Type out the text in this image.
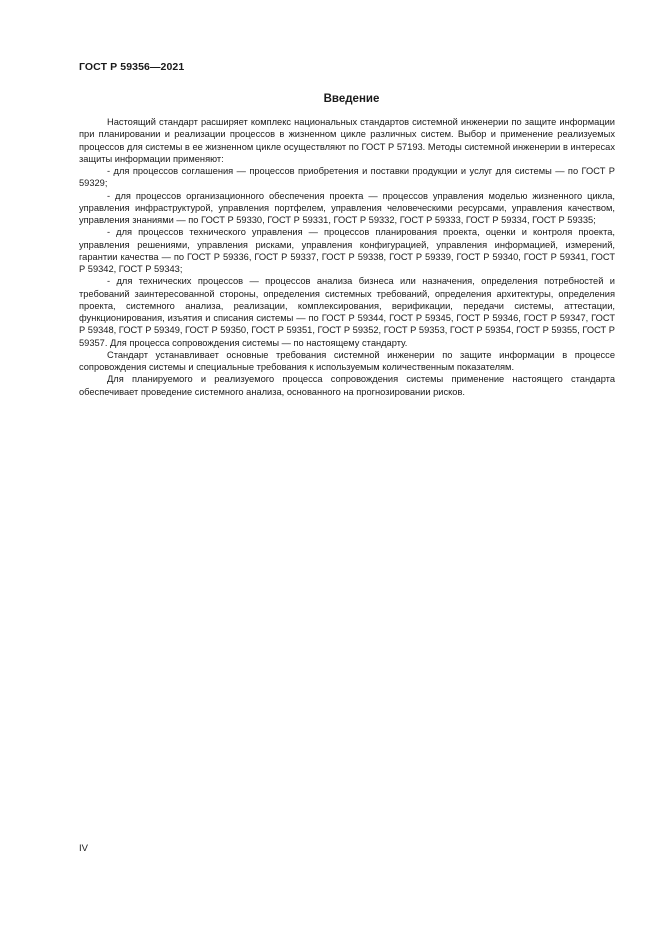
ГОСТ Р 59356—2021
Введение

Настоящий стандарт расширяет комплекс национальных стандартов системной инженерии по защите информации при планировании и реализации процессов в жизненном цикле различных систем. Выбор и применение реализуемых процессов для системы в ее жизненном цикле осуществляют по ГОСТ Р 57193. Методы системной инженерии в интересах защиты информации применяют:

- для процессов соглашения — процессов приобретения и поставки продукции и услуг для системы — по ГОСТ Р 59329;

- для процессов организационного обеспечения проекта — процессов управления моделью жизненного цикла, управления инфраструктурой, управления портфелем, управления человеческими ресурсами, управления качеством, управления знаниями — по ГОСТ Р 59330, ГОСТ Р 59331, ГОСТ Р 59332, ГОСТ Р 59333, ГОСТ Р 59334, ГОСТ Р 59335;

- для процессов технического управления — процессов планирования проекта, оценки и контроля проекта, управления решениями, управления рисками, управления конфигурацией, управления информацией, измерений, гарантии качества — по ГОСТ Р 59336, ГОСТ Р 59337, ГОСТ Р 59338, ГОСТ Р 59339, ГОСТ Р 59340, ГОСТ Р 59341, ГОСТ Р 59342, ГОСТ Р 59343;

- для технических процессов — процессов анализа бизнеса или назначения, определения потребностей и требований заинтересованной стороны, определения системных требований, определения архитектуры, определения проекта, системного анализа, реализации, комплексирования, верификации, передачи системы, аттестации, функционирования, изъятия и списания системы — по ГОСТ Р 59344, ГОСТ Р 59345, ГОСТ Р 59346, ГОСТ Р 59347, ГОСТ Р 59348, ГОСТ Р 59349, ГОСТ Р 59350, ГОСТ Р 59351, ГОСТ Р 59352, ГОСТ Р 59353, ГОСТ Р 59354, ГОСТ Р 59355, ГОСТ Р 59357. Для процесса сопровождения системы — по настоящему стандарту.

Стандарт устанавливает основные требования системной инженерии по защите информации в процессе сопровождения системы и специальные требования к используемым количественным показателям.

Для планируемого и реализуемого процесса сопровождения системы применение настоящего стандарта обеспечивает проведение системного анализа, основанного на прогнозировании рисков.

IV
